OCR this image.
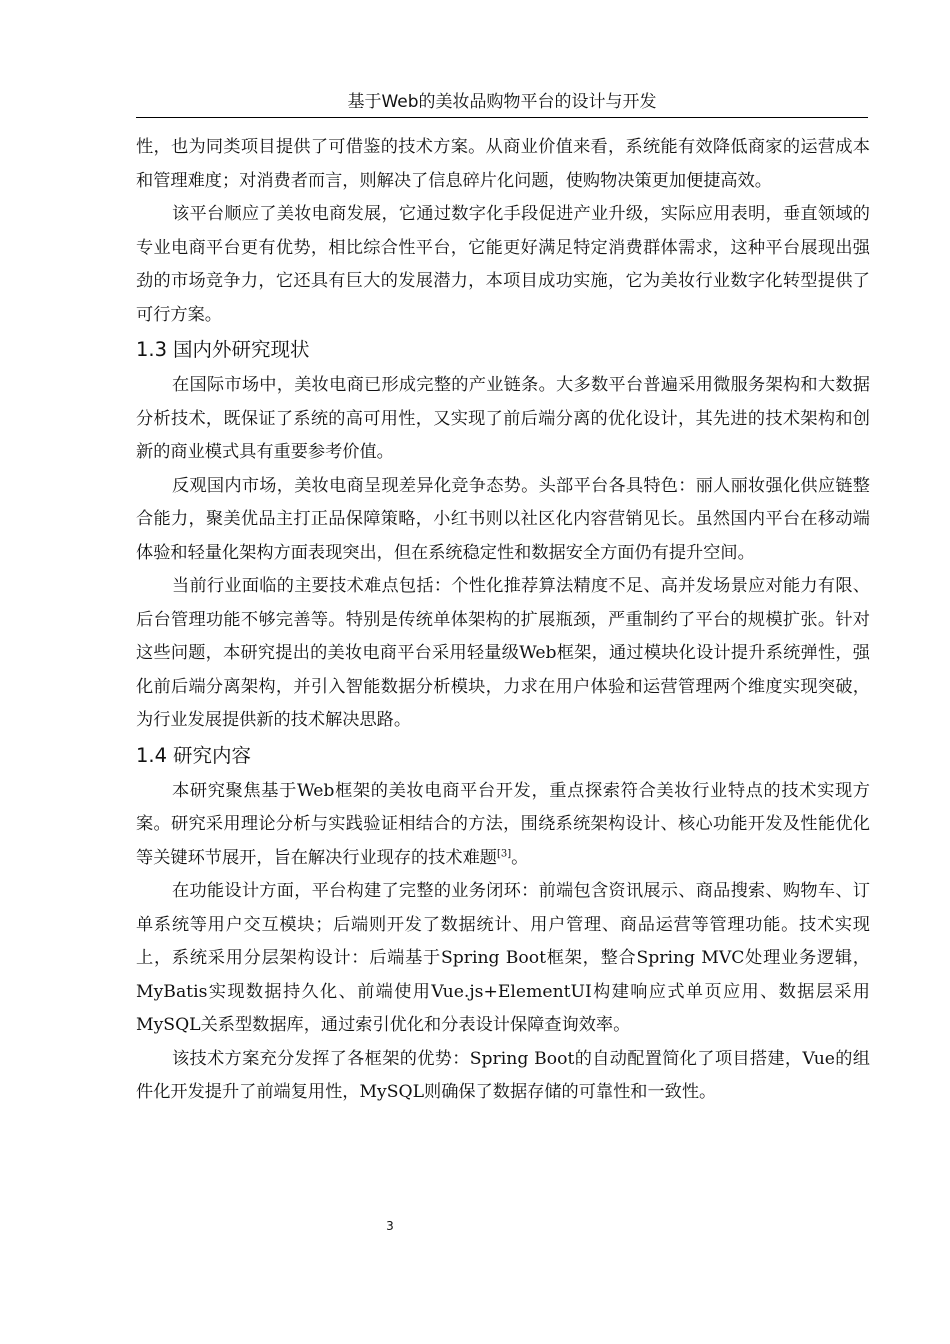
基于Web的美妆品购物平台的设计与开发

性，也为同类项目提供了可借鉴的技术方案。从商业价值来看，系统能有效降低商家的运营成本和管理难度；对消费者而言，则解决了信息碎片化问题，使购物决策更加便捷高效。

该平台顺应了美妆电商发展，它通过数字化手段促进产业升级，实际应用表明，垂直领域的专业电商平台更有优势，相比综合性平台，它能更好满足特定消费群体需求，这种平台展现出强劲的市场竞争力，它还具有巨大的发展潜力，本项目成功实施，它为美妆行业数字化转型提供了可行方案。

1.3 国内外研究现状

在国际市场中，美妆电商已形成完整的产业链条。大多数平台普遍采用微服务架构和大数据分析技术，既保证了系统的高可用性，又实现了前后端分离的优化设计，其先进的技术架构和创新的商业模式具有重要参考价值。

反观国内市场，美妆电商呈现差异化竞争态势。头部平台各具特色：丽人丽妆强化供应链整合能力，聚美优品主打正品保障策略，小红书则以社区化内容营销见长。虽然国内平台在移动端体验和轻量化架构方面表现突出，但在系统稳定性和数据安全方面仍有提升空间。

当前行业面临的主要技术难点包括：个性化推荐算法精度不足、高并发场景应对能力有限、后台管理功能不够完善等。特别是传统单体架构的扩展瓶颈，严重制约了平台的规模扩张。针对这些问题，本研究提出的美妆电商平台采用轻量级Web框架，通过模块化设计提升系统弹性，强化前后端分离架构，并引入智能数据分析模块，力求在用户体验和运营管理两个维度实现突破，为行业发展提供新的技术解决思路。

1.4 研究内容

本研究聚焦基于Web框架的美妆电商平台开发，重点探索符合美妆行业特点的技术实现方案。研究采用理论分析与实践验证相结合的方法，围绕系统架构设计、核心功能开发及性能优化等关键环节展开，旨在解决行业现存的技术难题[3]。

在功能设计方面，平台构建了完整的业务闭环：前端包含资讯展示、商品搜索、购物车、订单系统等用户交互模块；后端则开发了数据统计、用户管理、商品运营等管理功能。技术实现上，系统采用分层架构设计：后端基于Spring Boot框架，整合Spring MVC处理业务逻辑，MyBatis实现数据持久化、前端使用Vue.js+ElementUI构建响应式单页应用、数据层采用MySQL关系型数据库，通过索引优化和分表设计保障查询效率。

该技术方案充分发挥了各框架的优势：Spring Boot的自动配置简化了项目搭建，Vue的组件化开发提升了前端复用性，MySQL则确保了数据存储的可靠性和一致性。

3
